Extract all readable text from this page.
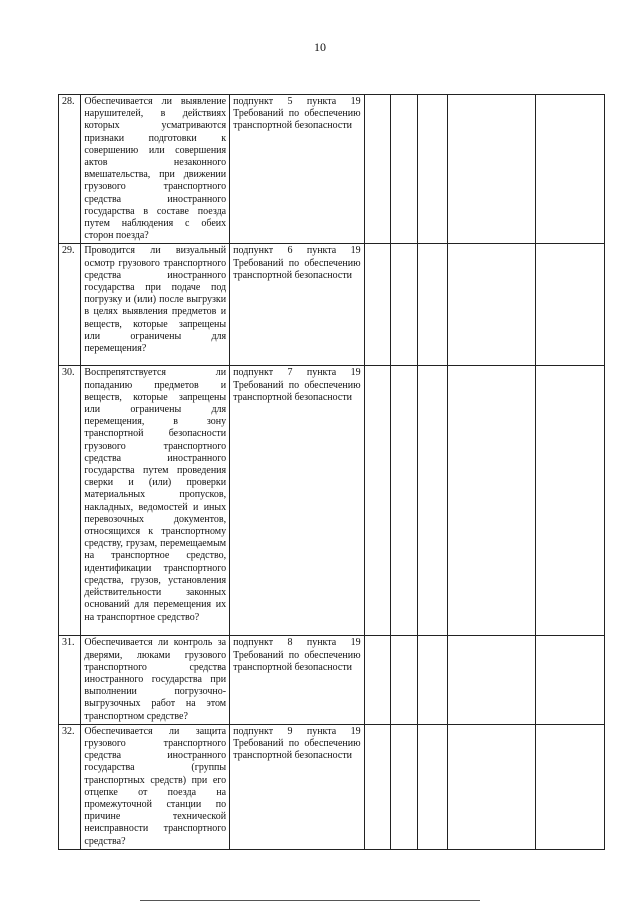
10
28.	Обеспечивается ли выявление нарушителей, в действиях которых усматриваются признаки подготовки к совершению или совершения актов незаконного вмешательства, при движении грузового транспортного средства иностранного государства в составе поезда путем наблюдения с обеих сторон поезда?	подпункт 5 пункта 19 Требований по обеспечению транспортной безопасности					
29.	Проводится ли визуальный осмотр грузового транспортного средства иностранного государства при подаче под погрузку и (или) после выгрузки в целях выявления предметов и веществ, которые запрещены или ограничены для перемещения?	подпункт 6 пункта 19 Требований по обеспечению транспортной безопасности					
30.	Воспрепятствуется ли попаданию предметов и веществ, которые запрещены или ограничены для перемещения, в зону транспортной безопасности грузового транспортного средства иностранного государства путем проведения сверки и (или) проверки материальных пропусков, накладных, ведомостей и иных перевозочных документов, относящихся к транспортному средству, грузам, перемещаемым на транспортное средство, идентификации транспортного средства, грузов, установления действительности законных оснований для перемещения их на транспортное средство?	подпункт 7 пункта 19 Требований по обеспечению транспортной безопасности					
31.	Обеспечивается ли контроль за дверями, люками грузового транспортного средства иностранного государства при выполнении погрузочно-выгрузочных работ на этом транспортном средстве?	подпункт 8 пункта 19 Требований по обеспечению транспортной безопасности					
32.	Обеспечивается ли защита грузового транспортного средства иностранного государства (группы транспортных средств) при его отцепке от поезда на промежуточной станции по причине технической неисправности транспортного средства?	подпункт 9 пункта 19 Требований по обеспечению транспортной безопасности					
